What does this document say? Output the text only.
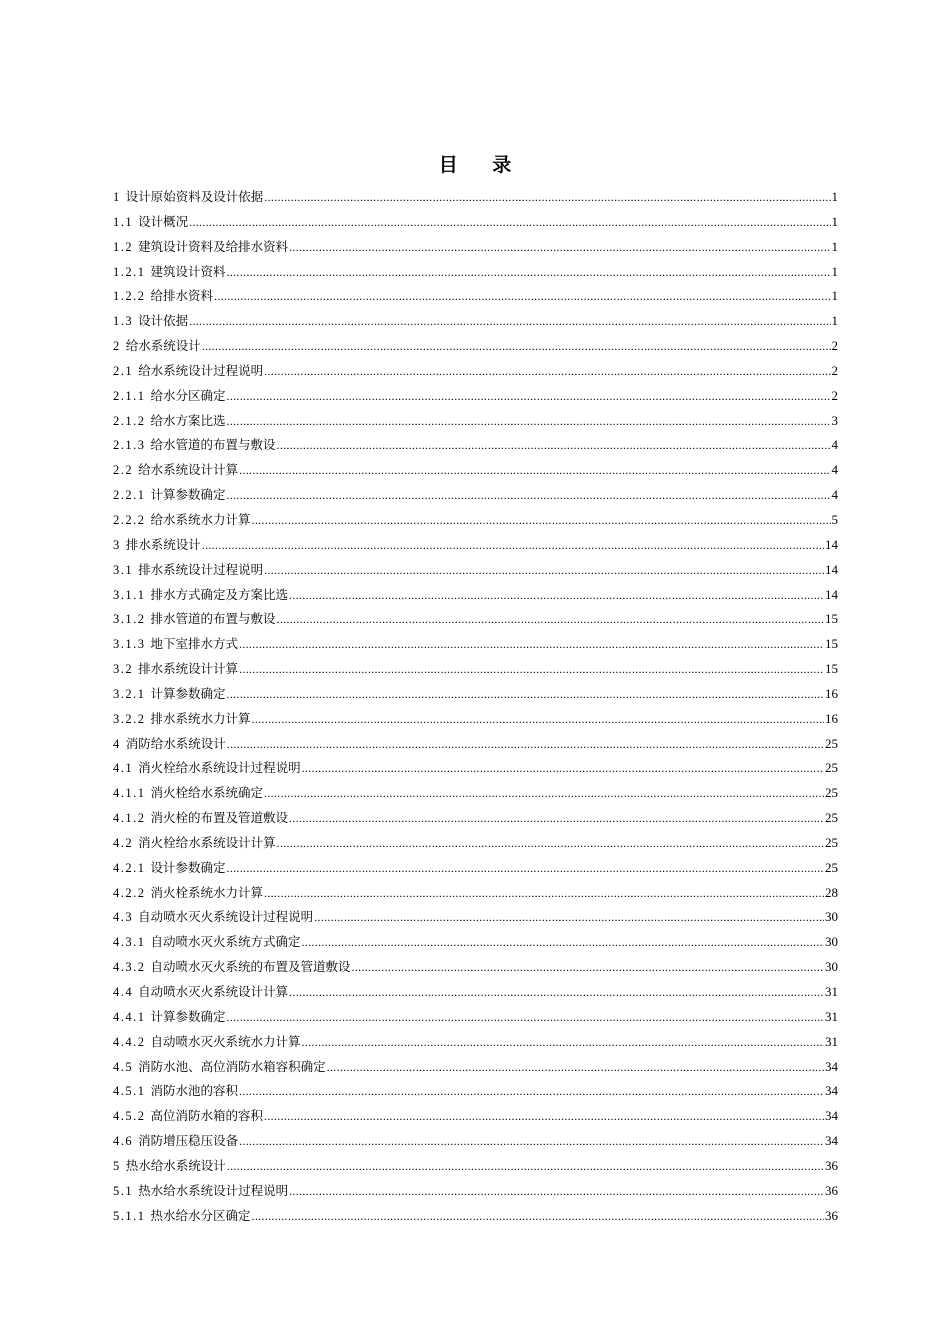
目 录
1 设计原始资料及设计依据 .....	1
1.1 设计概况 .....	1
1.2 建筑设计资料及给排水资料 .....	1
1.2.1 建筑设计资料 .....	1
1.2.2 给排水资料 .....	1
1.3 设计依据 .....	1
2 给水系统设计 .....	2
2.1 给水系统设计过程说明 .....	2
2.1.1 给水分区确定 .....	2
2.1.2 给水方案比选 .....	3
2.1.3 给水管道的布置与敷设 .....	4
2.2 给水系统设计计算 .....	4
2.2.1 计算参数确定 .....	4
2.2.2 给水系统水力计算 .....	5
3 排水系统设计 .....	14
3.1 排水系统设计过程说明 .....	14
3.1.1 排水方式确定及方案比选 .....	14
3.1.2 排水管道的布置与敷设 .....	15
3.1.3 地下室排水方式 .....	15
3.2 排水系统设计计算 .....	15
3.2.1 计算参数确定 .....	16
3.2.2 排水系统水力计算 .....	16
4 消防给水系统设计 .....	25
4.1 消火栓给水系统设计过程说明 .....	25
4.1.1 消火栓给水系统确定 .....	25
4.1.2 消火栓的布置及管道敷设 .....	25
4.2 消火栓给水系统设计计算 .....	25
4.2.1 设计参数确定 .....	25
4.2.2 消火栓系统水力计算 .....	28
4.3 自动喷水灭火系统设计过程说明 .....	30
4.3.1 自动喷水灭火系统方式确定 .....	30
4.3.2 自动喷水灭火系统的布置及管道敷设 .....	30
4.4 自动喷水灭火系统设计计算 .....	31
4.4.1 计算参数确定 .....	31
4.4.2 自动喷水灭火系统水力计算 .....	31
4.5 消防水池、高位消防水箱容积确定 .....	34
4.5.1 消防水池的容积 .....	34
4.5.2 高位消防水箱的容积 .....	34
4.6 消防增压稳压设备 .....	34
5 热水给水系统设计 .....	36
5.1 热水给水系统设计过程说明 .....	36
5.1.1 热水给水分区确定 .....	36
